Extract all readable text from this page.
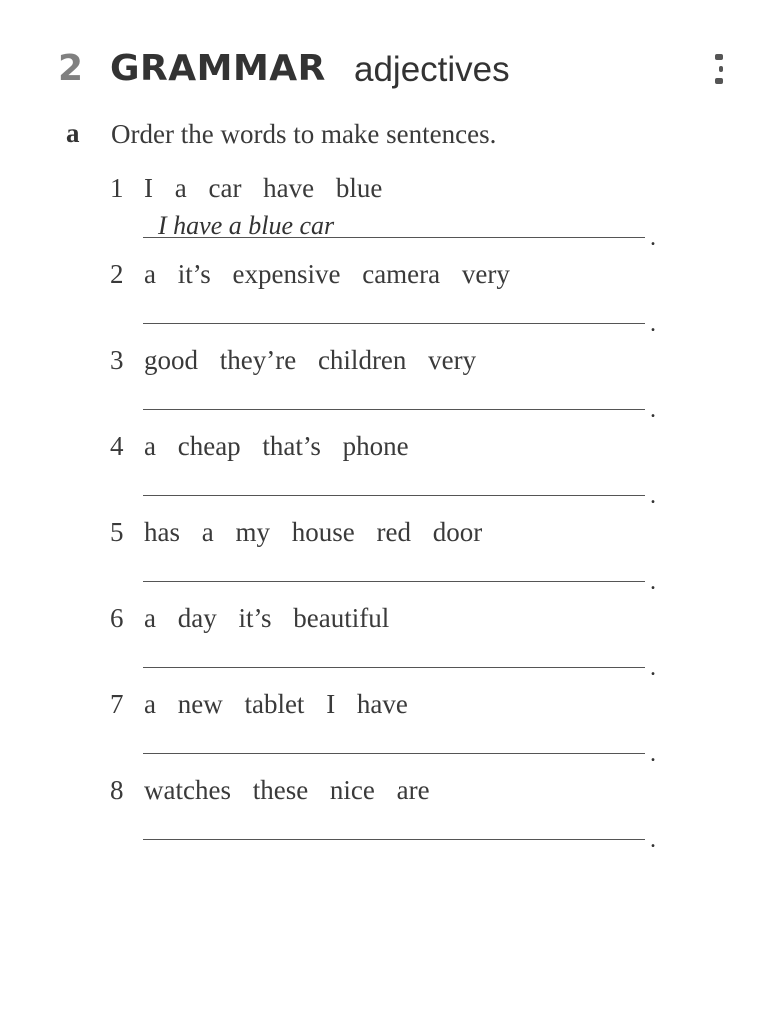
2 GRAMMAR adjectives
a Order the words to make sentences.
1 I a car have blue
I have a blue car	.
2 a it’s expensive camera very
.
3 good they’re children very
.
4 a cheap that’s phone
.
5 has a my house red door
.
6 a day it’s beautiful
.
7 a new tablet I have
.
8 watches these nice are
.
